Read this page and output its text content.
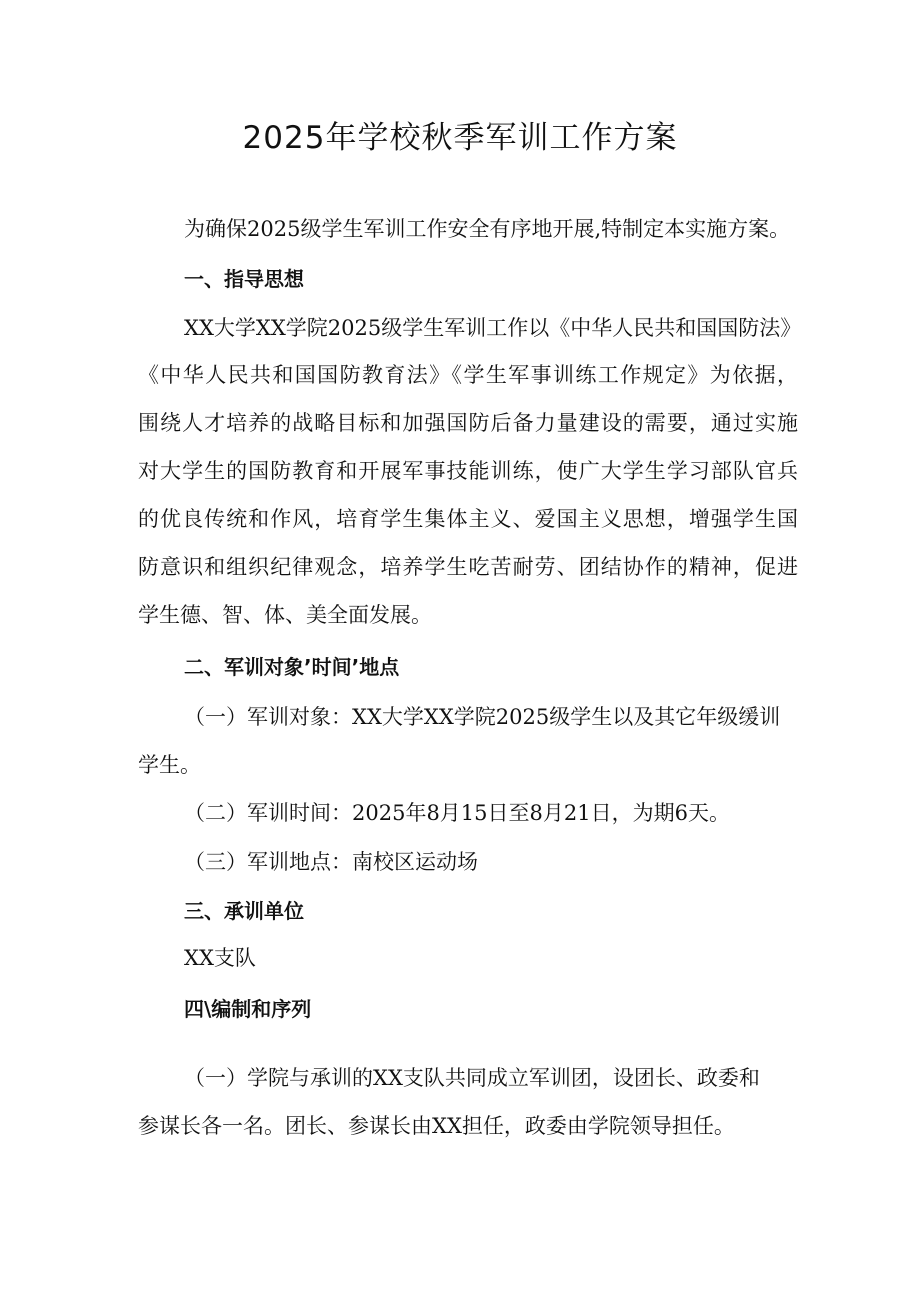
2025年学校秋季军训工作方案

为确保2025级学生军训工作安全有序地开展,特制定本实施方案。

一、指导思想

XX大学XX学院2025级学生军训工作以《中华人民共和国国防法》

《中华人民共和国国防教育法》《学生军事训练工作规定》为依据，

围绕人才培养的战略目标和加强国防后备力量建设的需要，通过实施

对大学生的国防教育和开展军事技能训练，使广大学生学习部队官兵

的优良传统和作风，培育学生集体主义、爱国主义思想，增强学生国

防意识和组织纪律观念，培养学生吃苦耐劳、团结协作的精神，促进

学生德、智、体、美全面发展。

二、军训对象’时间’地点

（一）军训对象：XX大学XX学院2025级学生以及其它年级缓训

学生。

（二）军训时间：2025年8月15日至8月21日，为期6天。

（三）军训地点：南校区运动场

三、承训单位

XX支队

四\编制和序列

（一）学院与承训的XX支队共同成立军训团，设团长、政委和

参谋长各一名。团长、参谋长由XX担任，政委由学院领导担任。
